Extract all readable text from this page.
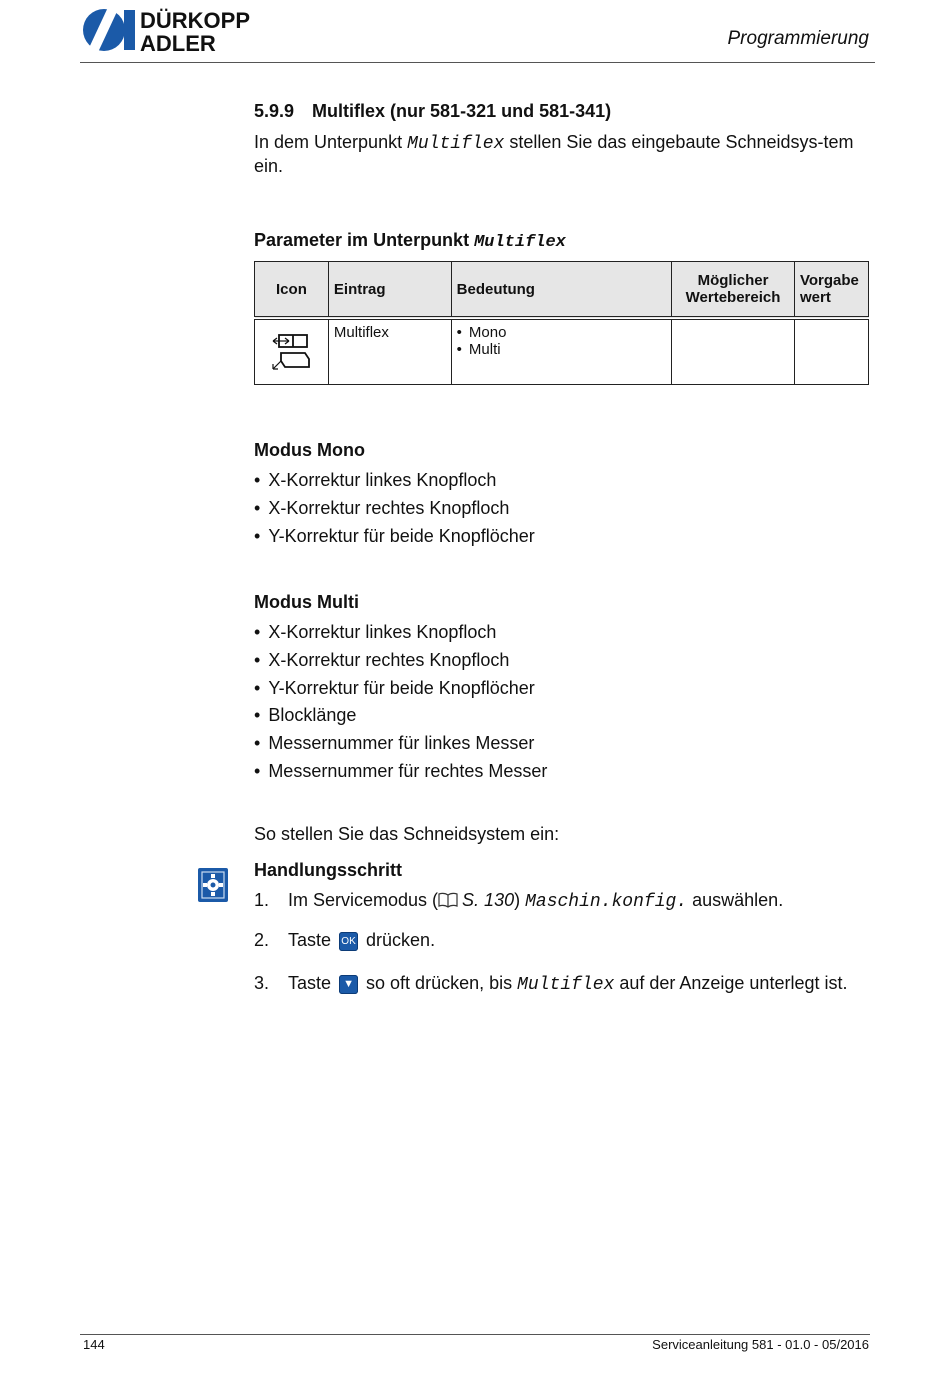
DÜRKOPP
ADLER	Programmierung
5.9.9 Multiflex (nur 581-321 und 581-341)
In dem Unterpunkt Multiflex stellen Sie das eingebaute Schneidsys-tem ein.
Parameter im Unterpunkt Multiflex
Icon	Eintrag	Bedeutung	Möglicher Wertebereich	Vorgabe wert
	Multiflex	• Mono
• Multi

Modus Mono
• X-Korrektur linkes Knopfloch
• X-Korrektur rechtes Knopfloch
• Y-Korrektur für beide Knopflöcher
Modus Multi
• X-Korrektur linkes Knopfloch
• X-Korrektur rechtes Knopfloch
• Y-Korrektur für beide Knopflöcher
• Blocklänge
• Messernummer für linkes Messer
• Messernummer für rechtes Messer
So stellen Sie das Schneidsystem ein:
Handlungsschritt
1. Im Servicemodus ( S. 130) Maschin.konfig. auswählen.
2. Taste OK drücken.
3. Taste ▼ so oft drücken, bis Multiflex auf der Anzeige unterlegt ist.
144	Serviceanleitung 581 - 01.0 - 05/2016
